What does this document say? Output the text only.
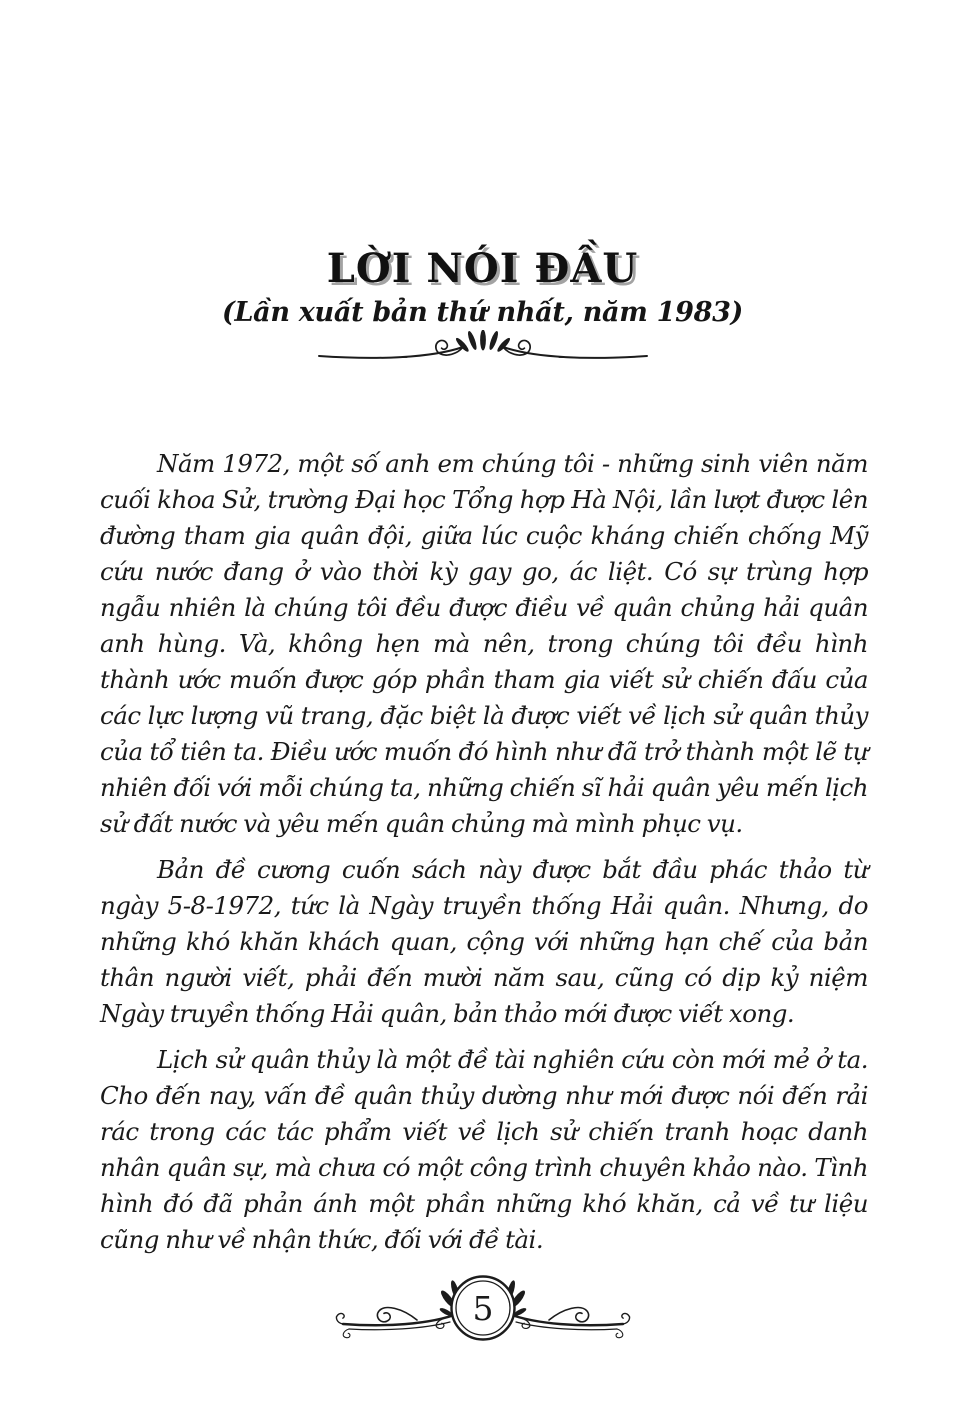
LỜI NÓI ĐẦU
(Lần xuất bản thứ nhất, năm 1983)

Năm 1972, một số anh em chúng tôi - những sinh viên năm cuối khoa Sử, trường Đại học Tổng hợp Hà Nội, lần lượt được lên đường tham gia quân đội, giữa lúc cuộc kháng chiến chống Mỹ cứu nước đang ở vào thời kỳ gay go, ác liệt. Có sự trùng hợp ngẫu nhiên là chúng tôi đều được điều về quân chủng hải quân anh hùng. Và, không hẹn mà nên, trong chúng tôi đều hình thành ước muốn được góp phần tham gia viết sử chiến đấu của các lực lượng vũ trang, đặc biệt là được viết về lịch sử quân thủy của tổ tiên ta. Điều ước muốn đó hình như đã trở thành một lẽ tự nhiên đối với mỗi chúng ta, những chiến sĩ hải quân yêu mến lịch sử đất nước và yêu mến quân chủng mà mình phục vụ.

Bản đề cương cuốn sách này được bắt đầu phác thảo từ ngày 5-8-1972, tức là Ngày truyền thống Hải quân. Nhưng, do những khó khăn khách quan, cộng với những hạn chế của bản thân người viết, phải đến mười năm sau, cũng có dịp kỷ niệm Ngày truyền thống Hải quân, bản thảo mới được viết xong.

Lịch sử quân thủy là một đề tài nghiên cứu còn mới mẻ ở ta. Cho đến nay, vấn đề quân thủy dường như mới được nói đến rải rác trong các tác phẩm viết về lịch sử chiến tranh hoạc danh nhân quân sự, mà chưa có một công trình chuyên khảo nào. Tình hình đó đã phản ánh một phần những khó khăn, cả về tư liệu cũng như về nhận thức, đối với đề tài.

5
